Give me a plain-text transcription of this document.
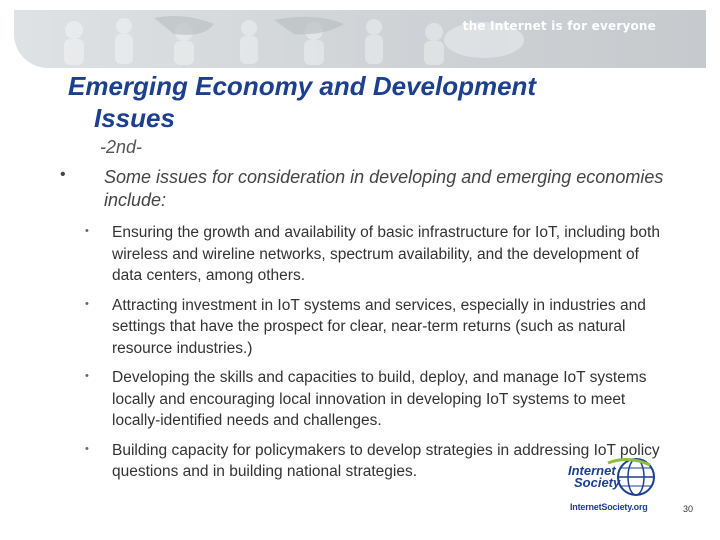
the Internet is for everyone
Emerging Economy and Development
Issues
-2nd-
• Some issues for consideration in developing and emerging economies include:
• Ensuring the growth and availability of basic infrastructure for IoT, including both wireless and wireline networks, spectrum availability, and the development of data centers, among others.
• Attracting investment in IoT systems and services, especially in industries and settings that have the prospect for clear, near-term returns (such as natural resource industries.)
• Developing the skills and capacities to build, deploy, and manage IoT systems locally and encouraging local innovation in developing IoT systems to meet locally-identified needs and challenges.
• Building capacity for policymakers to develop strategies in addressing IoT policy questions and in building national strategies.	Internet
Society
InternetSociety.org	30
